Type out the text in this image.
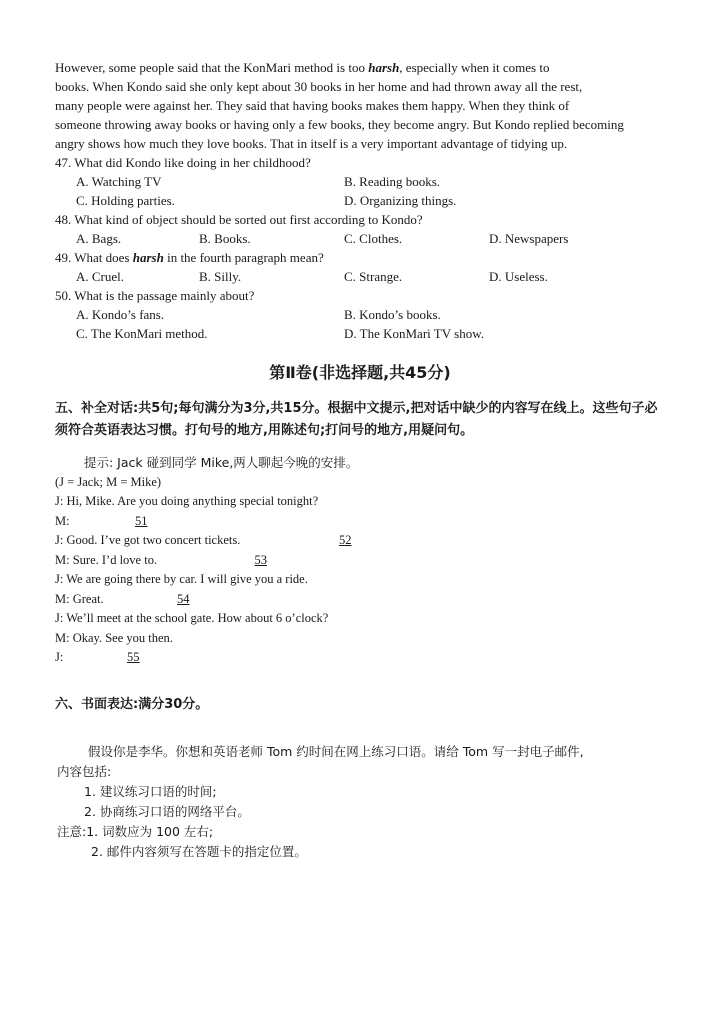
However, some people said that the KonMari method is too harsh, especially when it comes to
books. When Kondo said she only kept about 30 books in her home and had thrown away all the rest,
many people were against her. They said that having books makes them happy. When they think of
someone throwing away books or having only a few books, they become angry. But Kondo replied becoming
angry shows how much they love books. That in itself is a very important advantage of tidying up.
47. What did Kondo like doing in her childhood?
A. Watching TV	B. Reading books.
C. Holding parties.	D. Organizing things.
48. What kind of object should be sorted out first according to Kondo?
A. Bags.	B. Books.	C. Clothes.	D. Newspapers
49. What does harsh in the fourth paragraph mean?
A. Cruel.	B. Silly.	C. Strange.	D. Useless.
50. What is the passage mainly about?
A. Kondo’s fans.	B. Kondo’s books.
C. The KonMari method.	D. The KonMari TV show.
第Ⅱ卷(非选择题,共45分)
五、补全对话:共5句;每句满分为3分,共15分。根据中文提示,把对话中缺少的内容写在线上。这些句子必须符合英语表达习惯。打句号的地方,用陈述句;打问号的地方,用疑问句。
提示: Jack 碰到同学 Mike,两人聊起今晚的安排。
(J = Jack; M = Mike)
J: Hi, Mike. Are you doing anything special tonight?
M:	51
J: Good. I’ve got two concert tickets.	52
M: Sure. I’d love to.	53
J: We are going there by car. I will give you a ride.
M: Great.	54
J: We’ll meet at the school gate. How about 6 o’clock?
M: Okay. See you then.
J:	55
六、书面表达:满分30分。
假设你是李华。你想和英语老师 Tom 约时间在网上练习口语。请给 Tom 写一封电子邮件,
内容包括:
1. 建议练习口语的时间;
2. 协商练习口语的网络平台。
注意:1. 词数应为 100 左右;
2. 邮件内容须写在答题卡的指定位置。
